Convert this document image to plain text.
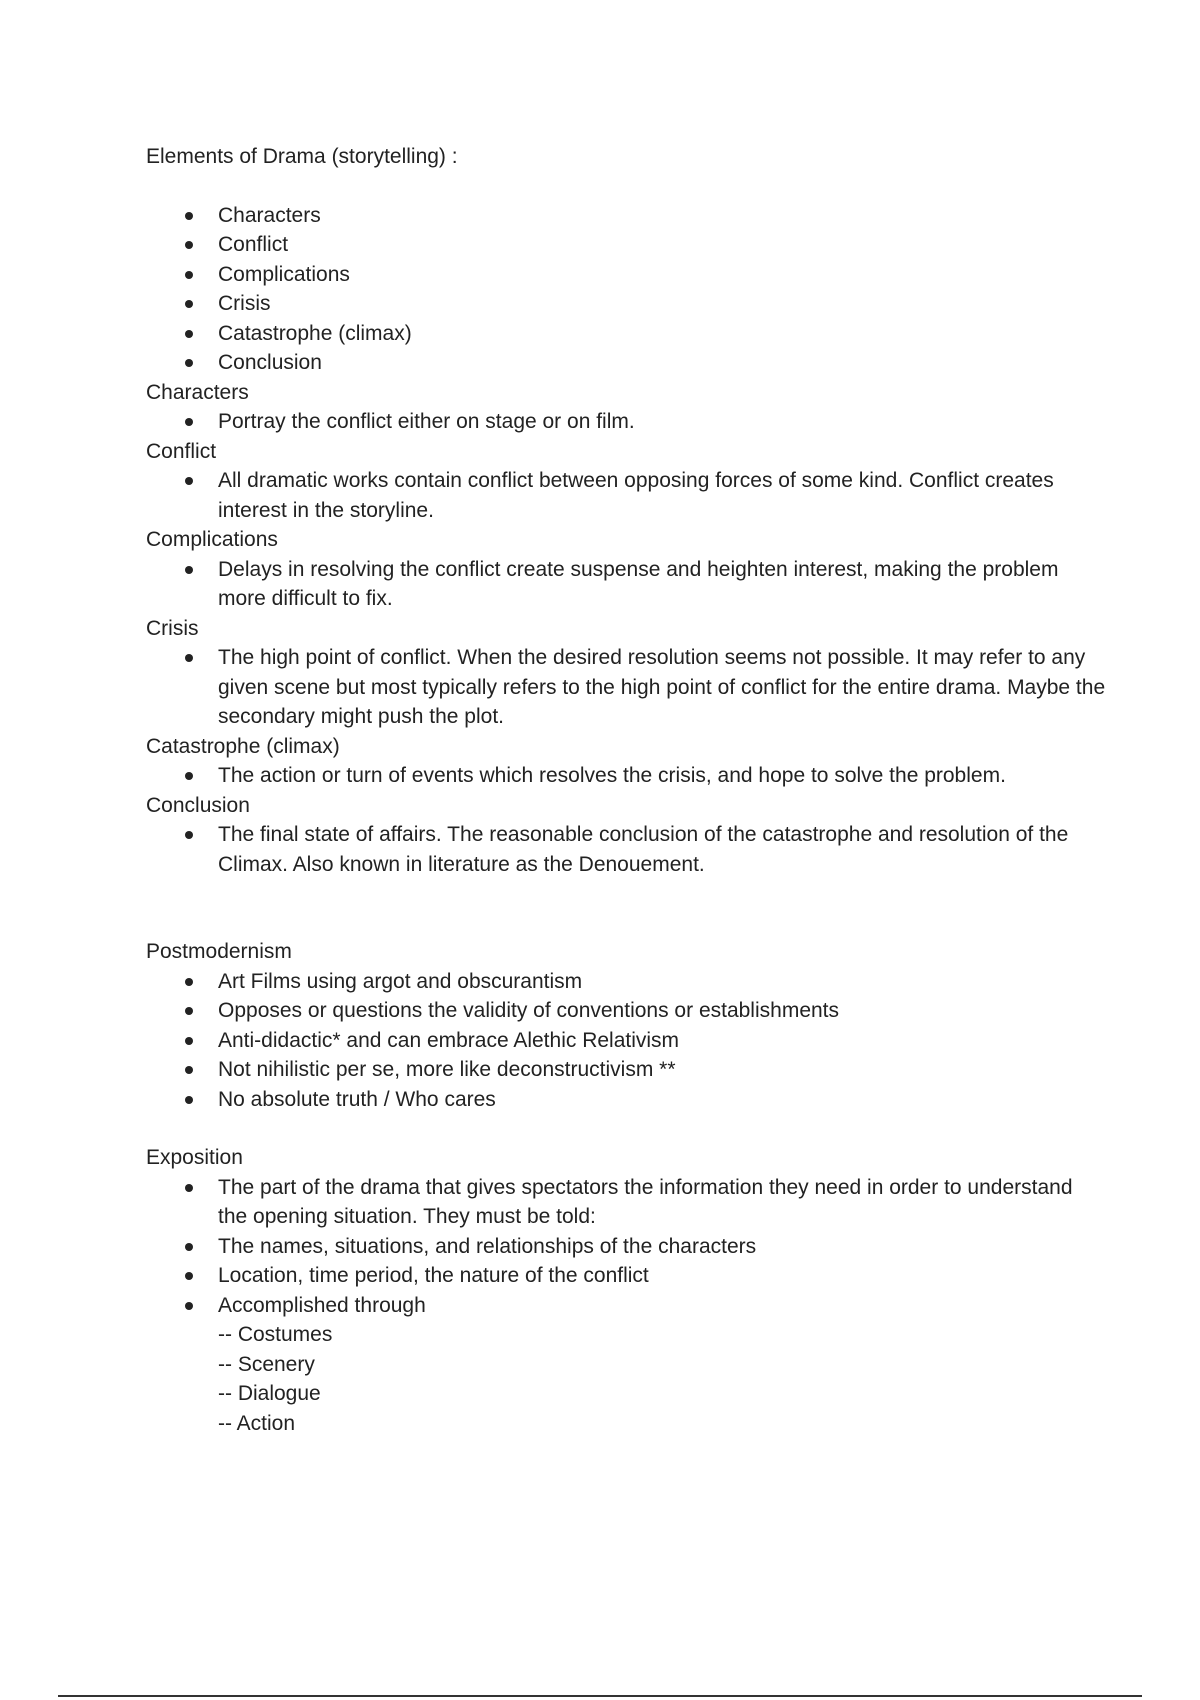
Elements of Drama (storytelling) :
Characters
Conflict
Complications
Crisis
Catastrophe (climax)
Conclusion
Characters
Portray the conflict either on stage or on film.
Conflict
All dramatic works contain conflict between opposing forces of some kind. Conflict creates interest in the storyline.
Complications
Delays in resolving the conflict create suspense and heighten interest, making the problem more difficult to fix.
Crisis
The high point of conflict. When the desired resolution seems not possible. It may refer to any given scene but most typically refers to the high point of conflict for the entire drama. Maybe the secondary might push the plot.
Catastrophe (climax)
The action or turn of events which resolves the crisis, and hope to solve the problem.
Conclusion
The final state of affairs. The reasonable conclusion of the catastrophe and resolution of the Climax. Also known in literature as the Denouement.
Postmodernism
Art Films using argot and obscurantism
Opposes or questions the validity of conventions or establishments
Anti-didactic* and can embrace Alethic Relativism
Not nihilistic per se, more like deconstructivism **
No absolute truth / Who cares
Exposition
The part of the drama that gives spectators the information they need in order to understand the opening situation. They must be told:
The names, situations, and relationships of the characters
Location, time period, the nature of the conflict
Accomplished through
-- Costumes
-- Scenery
-- Dialogue
-- Action
